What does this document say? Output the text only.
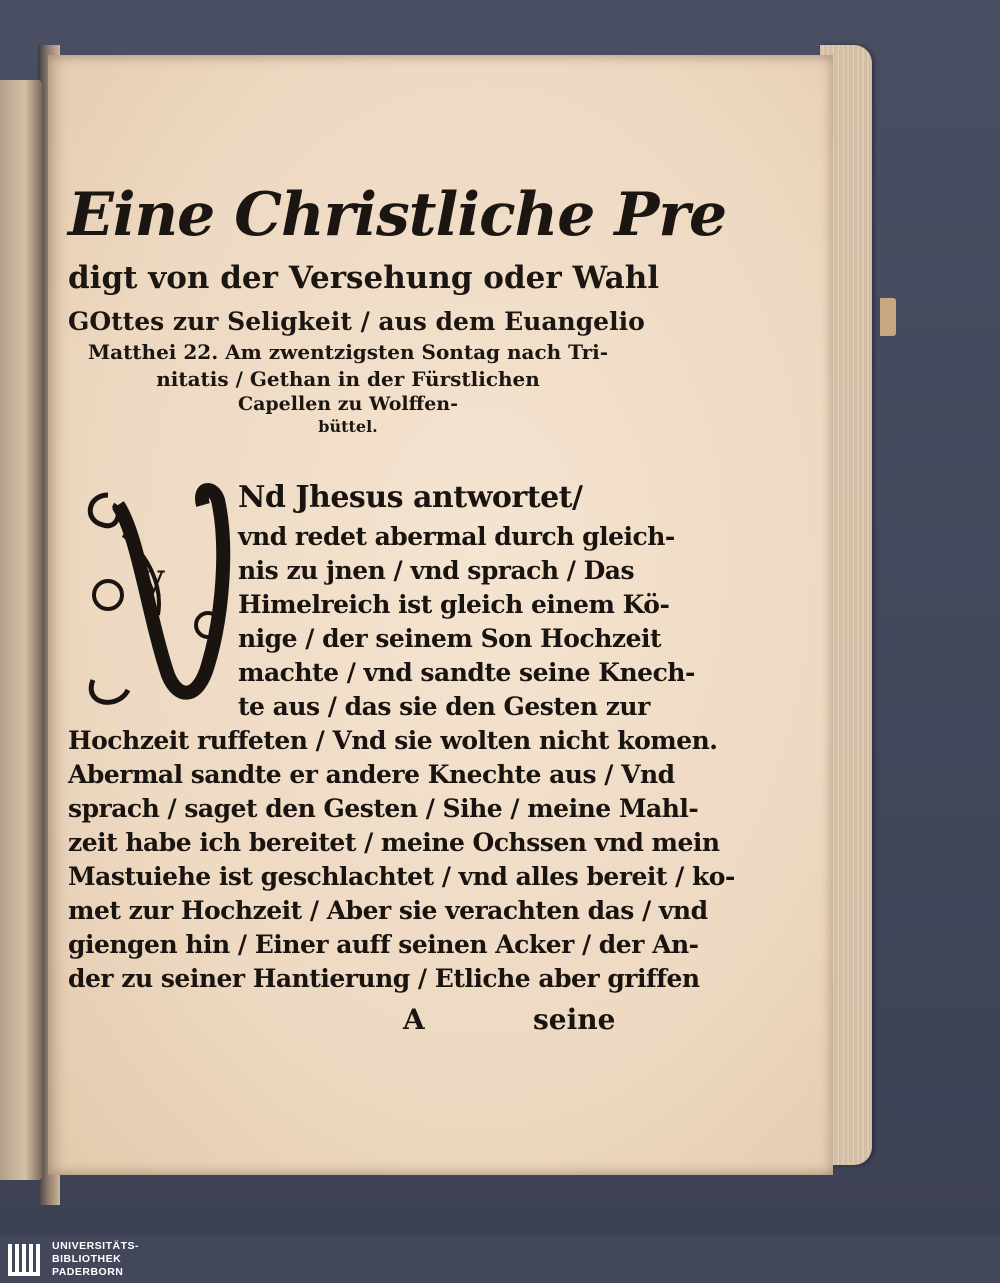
Eine Christliche Pre
digt von der Versehung oder Wahl
GOttes zur Seligkeit / aus dem Euangelio
Matthei 22. Am zwentzigsten Sontag nach Tri-
nitatis / Gethan in der Fürstlichen
Capellen zu Wolffen-
büttel.
V
Nd Jhesus antwortet/
vnd redet abermal durch gleich-
nis zu jnen / vnd sprach / Das
Himelreich ist gleich einem Kö-
nige / der seinem Son Hochzeit
machte / vnd sandte seine Knech-
te aus / das sie den Gesten zur
Hochzeit ruffeten / Vnd sie wolten nicht komen.
Abermal sandte er andere Knechte aus / Vnd
sprach / saget den Gesten / Sihe / meine Mahl-
zeit habe ich bereitet / meine Ochssen vnd mein
Mastuiehe ist geschlachtet / vnd alles bereit / ko-
met zur Hochzeit / Aber sie verachten das / vnd
giengen hin / Einer auff seinen Acker / der An-
der zu seiner Hantierung / Etliche aber griffen
A	seine
UNIVERSITÄTS-
BIBLIOTHEK
PADERBORN
